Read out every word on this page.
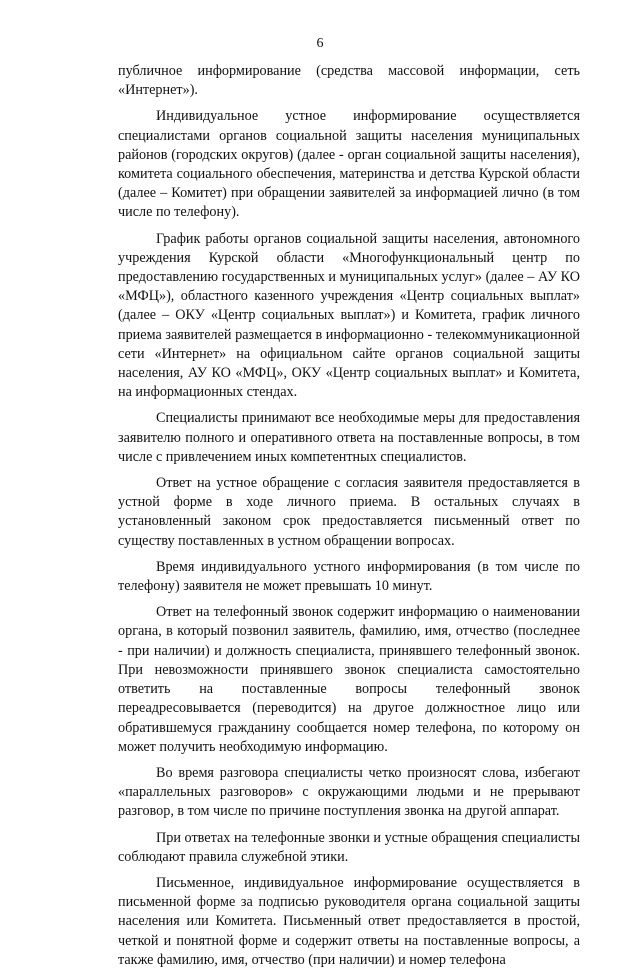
6

публичное информирование (средства массовой информации, сеть «Интернет»).

Индивидуальное устное информирование осуществляется специалистами органов социальной защиты населения муниципальных районов (городских округов) (далее - орган социальной защиты населения), комитета социального обеспечения, материнства и детства Курской области (далее – Комитет) при обращении заявителей за информацией лично (в том числе по телефону).

График работы органов социальной защиты населения, автономного учреждения Курской области «Многофункциональный центр по предоставлению государственных и муниципальных услуг» (далее – АУ КО «МФЦ»), областного казенного учреждения «Центр социальных выплат» (далее – ОКУ «Центр социальных выплат») и Комитета, график личного приема заявителей размещается в информационно - телекоммуникационной сети «Интернет» на официальном сайте органов социальной защиты населения, АУ КО «МФЦ», ОКУ «Центр социальных выплат» и Комитета, на информационных стендах.

Специалисты принимают все необходимые меры для предоставления заявителю полного и оперативного ответа на поставленные вопросы, в том числе с привлечением иных компетентных специалистов.

Ответ на устное обращение с согласия заявителя предоставляется в устной форме в ходе личного приема. В остальных случаях в установленный законом срок предоставляется письменный ответ по существу поставленных в устном обращении вопросах.

Время индивидуального устного информирования (в том числе по телефону) заявителя не может превышать 10 минут.

Ответ на телефонный звонок содержит информацию о наименовании органа, в который позвонил заявитель, фамилию, имя, отчество (последнее - при наличии) и должность специалиста, принявшего телефонный звонок. При невозможности принявшего звонок специалиста самостоятельно ответить на поставленные вопросы телефонный звонок переадресовывается (переводится) на другое должностное лицо или обратившемуся гражданину сообщается номер телефона, по которому он может получить необходимую информацию.

Во время разговора специалисты четко произносят слова, избегают «параллельных разговоров» с окружающими людьми и не прерывают разговор, в том числе по причине поступления звонка на другой аппарат.

При ответах на телефонные звонки и устные обращения специалисты соблюдают правила служебной этики.

Письменное, индивидуальное информирование осуществляется в письменной форме за подписью руководителя органа социальной защиты населения или Комитета. Письменный ответ предоставляется в простой, четкой и понятной форме и содержит ответы на поставленные вопросы, а также фамилию, имя, отчество (при наличии) и номер телефона
